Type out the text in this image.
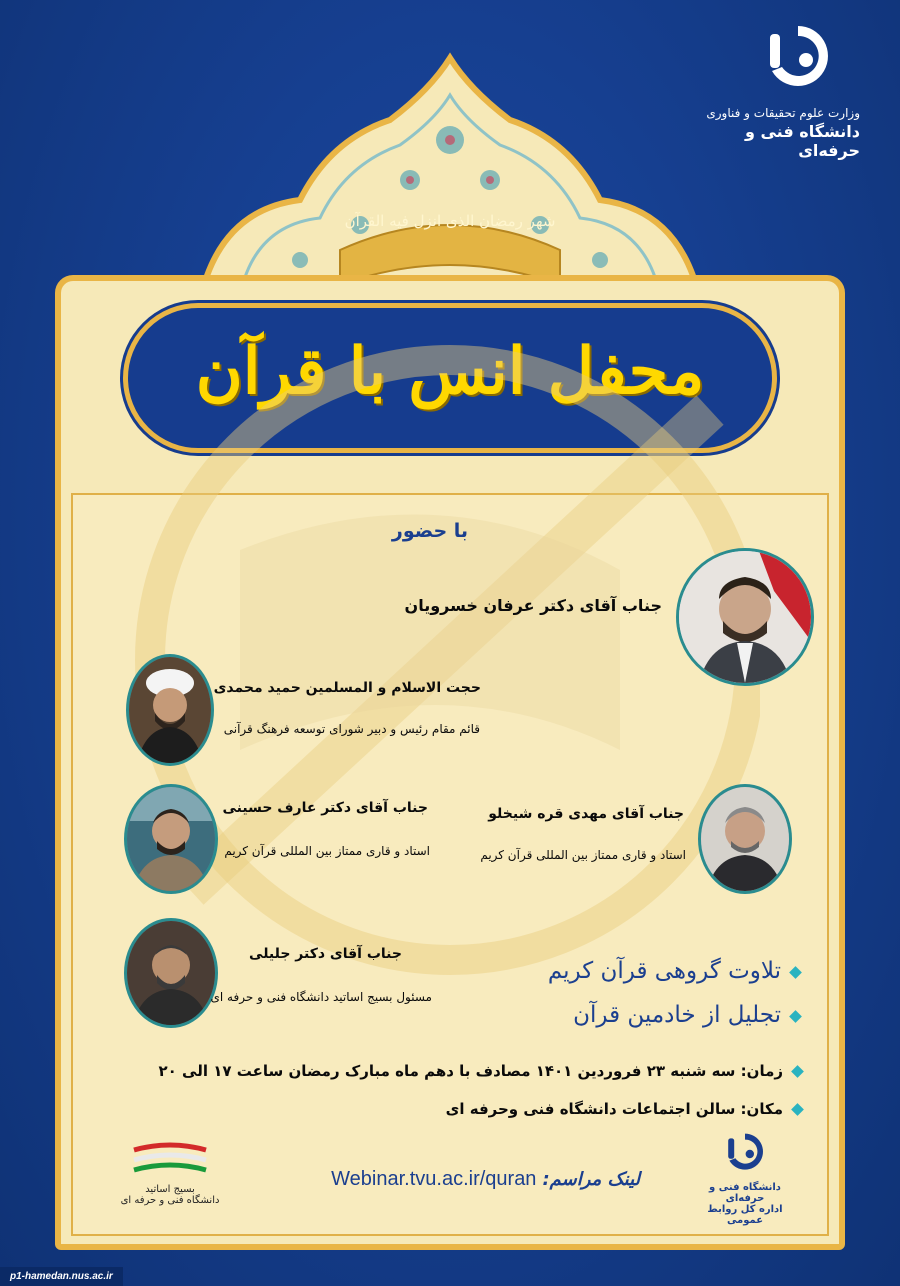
وزارت علوم تحقیقات و فناوری
دانشگاه فنی و حرفه‌ای
شهر رمضان الذی انزل فیه القرآن
محفل انس با قرآن
با حضور
جناب آقای دکتر عرفان خسرویان
حجت الاسلام و المسلمین حمید محمدی
قائم مقام رئیس و دبیر شورای توسعه فرهنگ قرآنی
جناب آقای مهدی قره شیخلو
استاد و قاری ممتاز بین المللی قرآن کریم
جناب آقای دکتر عارف حسینی
استاد و قاری ممتاز بین المللی قرآن کریم
جناب آقای دکتر جلیلی
مسئول بسیج اساتید دانشگاه فنی و حرفه ای
تلاوت گروهی قرآن کریم
تجلیل از خادمین قرآن
زمان: سه شنبه ۲۳ فروردین ۱۴۰۱ مصادف با دهم ماه مبارک رمضان ساعت ۱۷ الی ۲۰
مکان: سالن اجتماعات دانشگاه فنی وحرفه ای
لینک مراسم:Webinar.tvu.ac.ir/quran
بسیج اساتید
دانشگاه فنی و حرفه ای
دانشگاه فنی و حرفه‌ای
اداره کل روابط عمومی
p1-hamedan.nus.ac.ir
